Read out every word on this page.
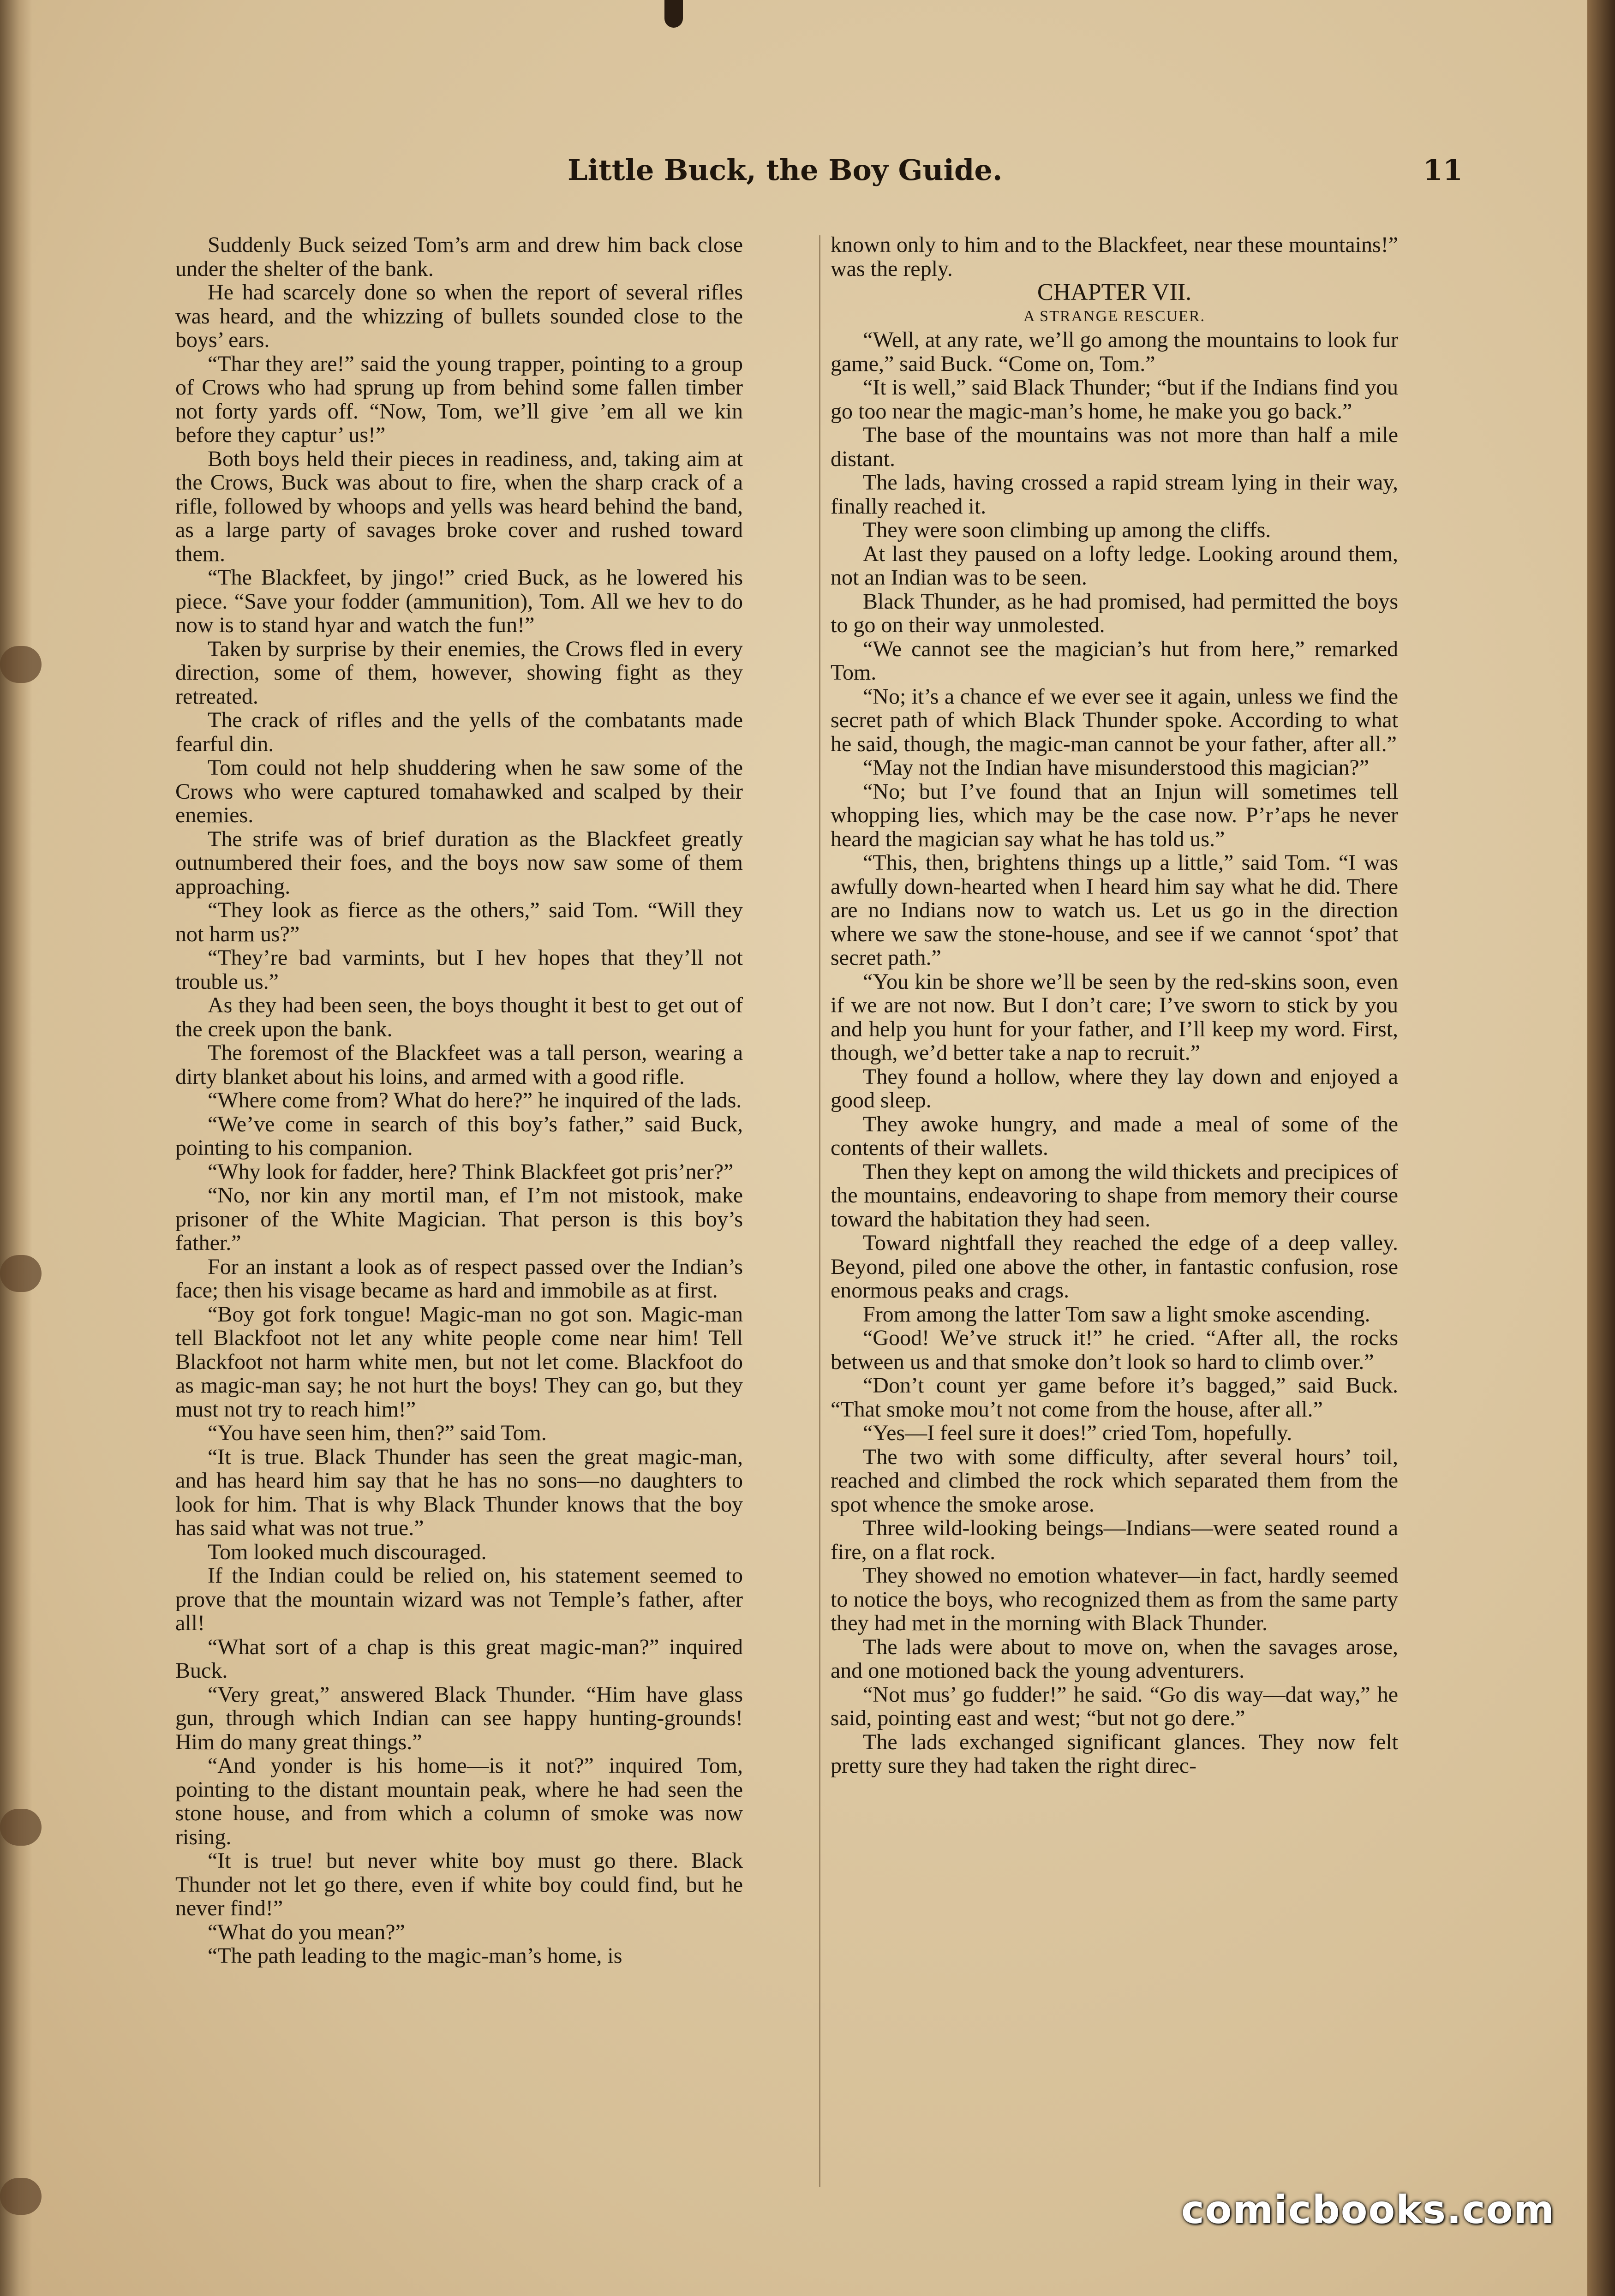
Little Buck, the Boy Guide.	11

Suddenly Buck seized Tom’s arm and drew him back close under the shelter of the bank.

He had scarcely done so when the report of several rifles was heard, and the whizzing of bullets sounded close to the boys’ ears.

“Thar they are!” said the young trapper, pointing to a group of Crows who had sprung up from behind some fallen timber not forty yards off. “Now, Tom, we’ll give ’em all we kin before they captur’ us!”

Both boys held their pieces in readiness, and, taking aim at the Crows, Buck was about to fire, when the sharp crack of a rifle, followed by whoops and yells was heard behind the band, as a large party of savages broke cover and rushed toward them.

“The Blackfeet, by jingo!” cried Buck, as he lowered his piece. “Save your fodder (ammunition), Tom. All we hev to do now is to stand hyar and watch the fun!”

Taken by surprise by their enemies, the Crows fled in every direction, some of them, however, showing fight as they retreated.

The crack of rifles and the yells of the combatants made fearful din.

Tom could not help shuddering when he saw some of the Crows who were captured tomahawked and scalped by their enemies.

The strife was of brief duration as the Blackfeet greatly outnumbered their foes, and the boys now saw some of them approaching.

“They look as fierce as the others,” said Tom. “Will they not harm us?”

“They’re bad varmints, but I hev hopes that they’ll not trouble us.”

As they had been seen, the boys thought it best to get out of the creek upon the bank.

The foremost of the Blackfeet was a tall person, wearing a dirty blanket about his loins, and armed with a good rifle.

“Where come from? What do here?” he inquired of the lads.

“We’ve come in search of this boy’s father,” said Buck, pointing to his companion.

“Why look for fadder, here? Think Blackfeet got pris’ner?”

“No, nor kin any mortil man, ef I’m not mistook, make prisoner of the White Magician. That person is this boy’s father.”

For an instant a look as of respect passed over the Indian’s face; then his visage became as hard and immobile as at first.

“Boy got fork tongue! Magic-man no got son. Magic-man tell Blackfoot not let any white people come near him! Tell Blackfoot not harm white men, but not let come. Blackfoot do as magic-man say; he not hurt the boys! They can go, but they must not try to reach him!”

“You have seen him, then?” said Tom.

“It is true. Black Thunder has seen the great magic-man, and has heard him say that he has no sons—no daughters to look for him. That is why Black Thunder knows that the boy has said what was not true.”

Tom looked much discouraged.

If the Indian could be relied on, his statement seemed to prove that the mountain wizard was not Temple’s father, after all!

“What sort of a chap is this great magic-man?” inquired Buck.

“Very great,” answered Black Thunder. “Him have glass gun, through which Indian can see happy hunting-grounds! Him do many great things.”

“And yonder is his home—is it not?” inquired Tom, pointing to the distant mountain peak, where he had seen the stone house, and from which a column of smoke was now rising.

“It is true! but never white boy must go there. Black Thunder not let go there, even if white boy could find, but he never find!”

“What do you mean?”

“The path leading to the magic-man’s home, is

known only to him and to the Blackfeet, near these mountains!” was the reply.

CHAPTER VII.

A STRANGE RESCUER.

“Well, at any rate, we’ll go among the mountains to look fur game,” said Buck. “Come on, Tom.”

“It is well,” said Black Thunder; “but if the Indians find you go too near the magic-man’s home, he make you go back.”

The base of the mountains was not more than half a mile distant.

The lads, having crossed a rapid stream lying in their way, finally reached it.

They were soon climbing up among the cliffs.

At last they paused on a lofty ledge. Looking around them, not an Indian was to be seen.

Black Thunder, as he had promised, had permitted the boys to go on their way unmolested.

“We cannot see the magician’s hut from here,” remarked Tom.

“No; it’s a chance ef we ever see it again, unless we find the secret path of which Black Thunder spoke. According to what he said, though, the magic-man cannot be your father, after all.”

“May not the Indian have misunderstood this magician?”

“No; but I’ve found that an Injun will sometimes tell whopping lies, which may be the case now. P’r’aps he never heard the magician say what he has told us.”

“This, then, brightens things up a little,” said Tom. “I was awfully down-hearted when I heard him say what he did. There are no Indians now to watch us. Let us go in the direction where we saw the stone-house, and see if we cannot ‘spot’ that secret path.”

“You kin be shore we’ll be seen by the red-skins soon, even if we are not now. But I don’t care; I’ve sworn to stick by you and help you hunt for your father, and I’ll keep my word. First, though, we’d better take a nap to recruit.”

They found a hollow, where they lay down and enjoyed a good sleep.

They awoke hungry, and made a meal of some of the contents of their wallets.

Then they kept on among the wild thickets and precipices of the mountains, endeavoring to shape from memory their course toward the habitation they had seen.

Toward nightfall they reached the edge of a deep valley. Beyond, piled one above the other, in fantastic confusion, rose enormous peaks and crags.

From among the latter Tom saw a light smoke ascending.

“Good! We’ve struck it!” he cried. “After all, the rocks between us and that smoke don’t look so hard to climb over.”

“Don’t count yer game before it’s bagged,” said Buck. “That smoke mou’t not come from the house, after all.”

“Yes—I feel sure it does!” cried Tom, hopefully.

The two with some difficulty, after several hours’ toil, reached and climbed the rock which separated them from the spot whence the smoke arose.

Three wild-looking beings—Indians—were seated round a fire, on a flat rock.

They showed no emotion whatever—in fact, hardly seemed to notice the boys, who recognized them as from the same party they had met in the morning with Black Thunder.

The lads were about to move on, when the savages arose, and one motioned back the young adventurers.

“Not mus’ go fudder!” he said. “Go dis way—dat way,” he said, pointing east and west; “but not go dere.”

The lads exchanged significant glances. They now felt pretty sure they had taken the right direc-

comicbooks.com
